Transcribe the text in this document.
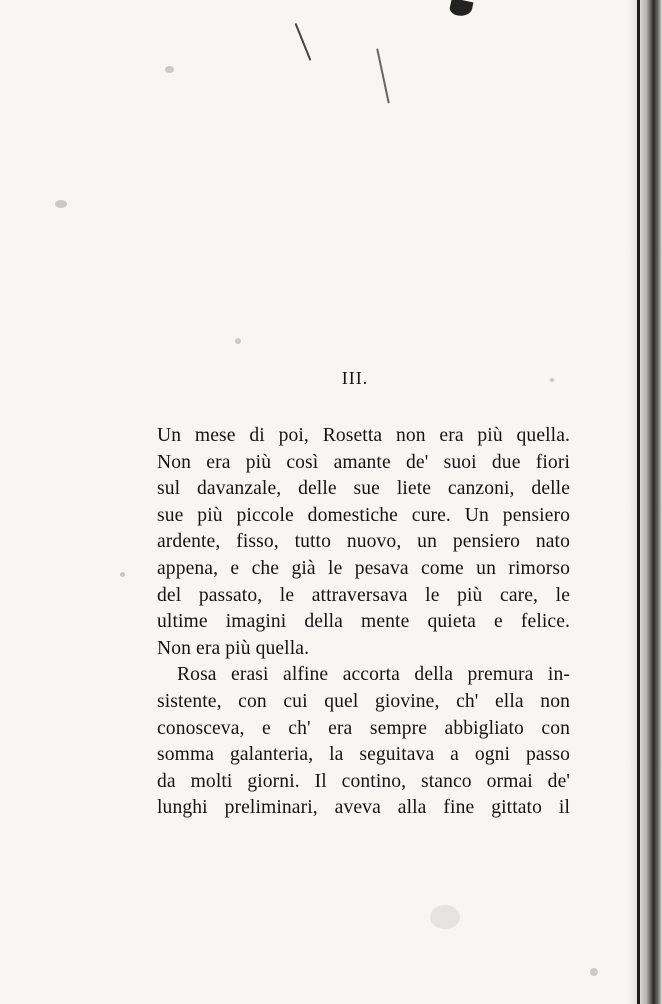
III.
Un mese di poi, Rosetta non era più quella.
Non era più così amante de' suoi due fiori
sul davanzale, delle sue liete canzoni, delle
sue più piccole domestiche cure. Un pensiero
ardente, fisso, tutto nuovo, un pensiero nato
appena, e che già le pesava come un rimorso
del passato, le attraversava le più care, le
ultime imagini della mente quieta e felice.
Non era più quella.
Rosa erasi alfine accorta della premura in-
sistente, con cui quel giovine, ch' ella non
conosceva, e ch' era sempre abbigliato con
somma galanteria, la seguitava a ogni passo
da molti giorni. Il contino, stanco ormai de'
lunghi preliminari, aveva alla fine gittato il
